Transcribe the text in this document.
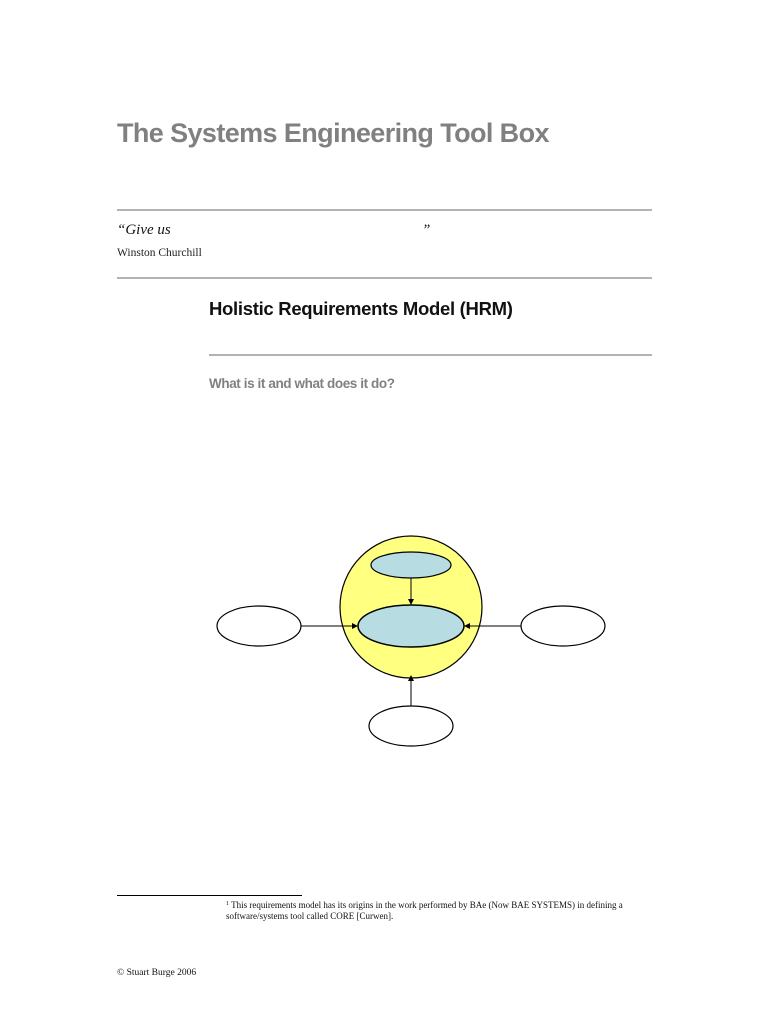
The Systems Engineering Tool Box
“Give us	”
Winston Churchill
Holistic Requirements Model (HRM)
What is it and what does it do?
$^1$ This requirements model has its origins in the work performed by BAe (Now BAE SYSTEMS) in defining a software/systems tool called CORE [Curwen].
© Stuart Burge 2006
